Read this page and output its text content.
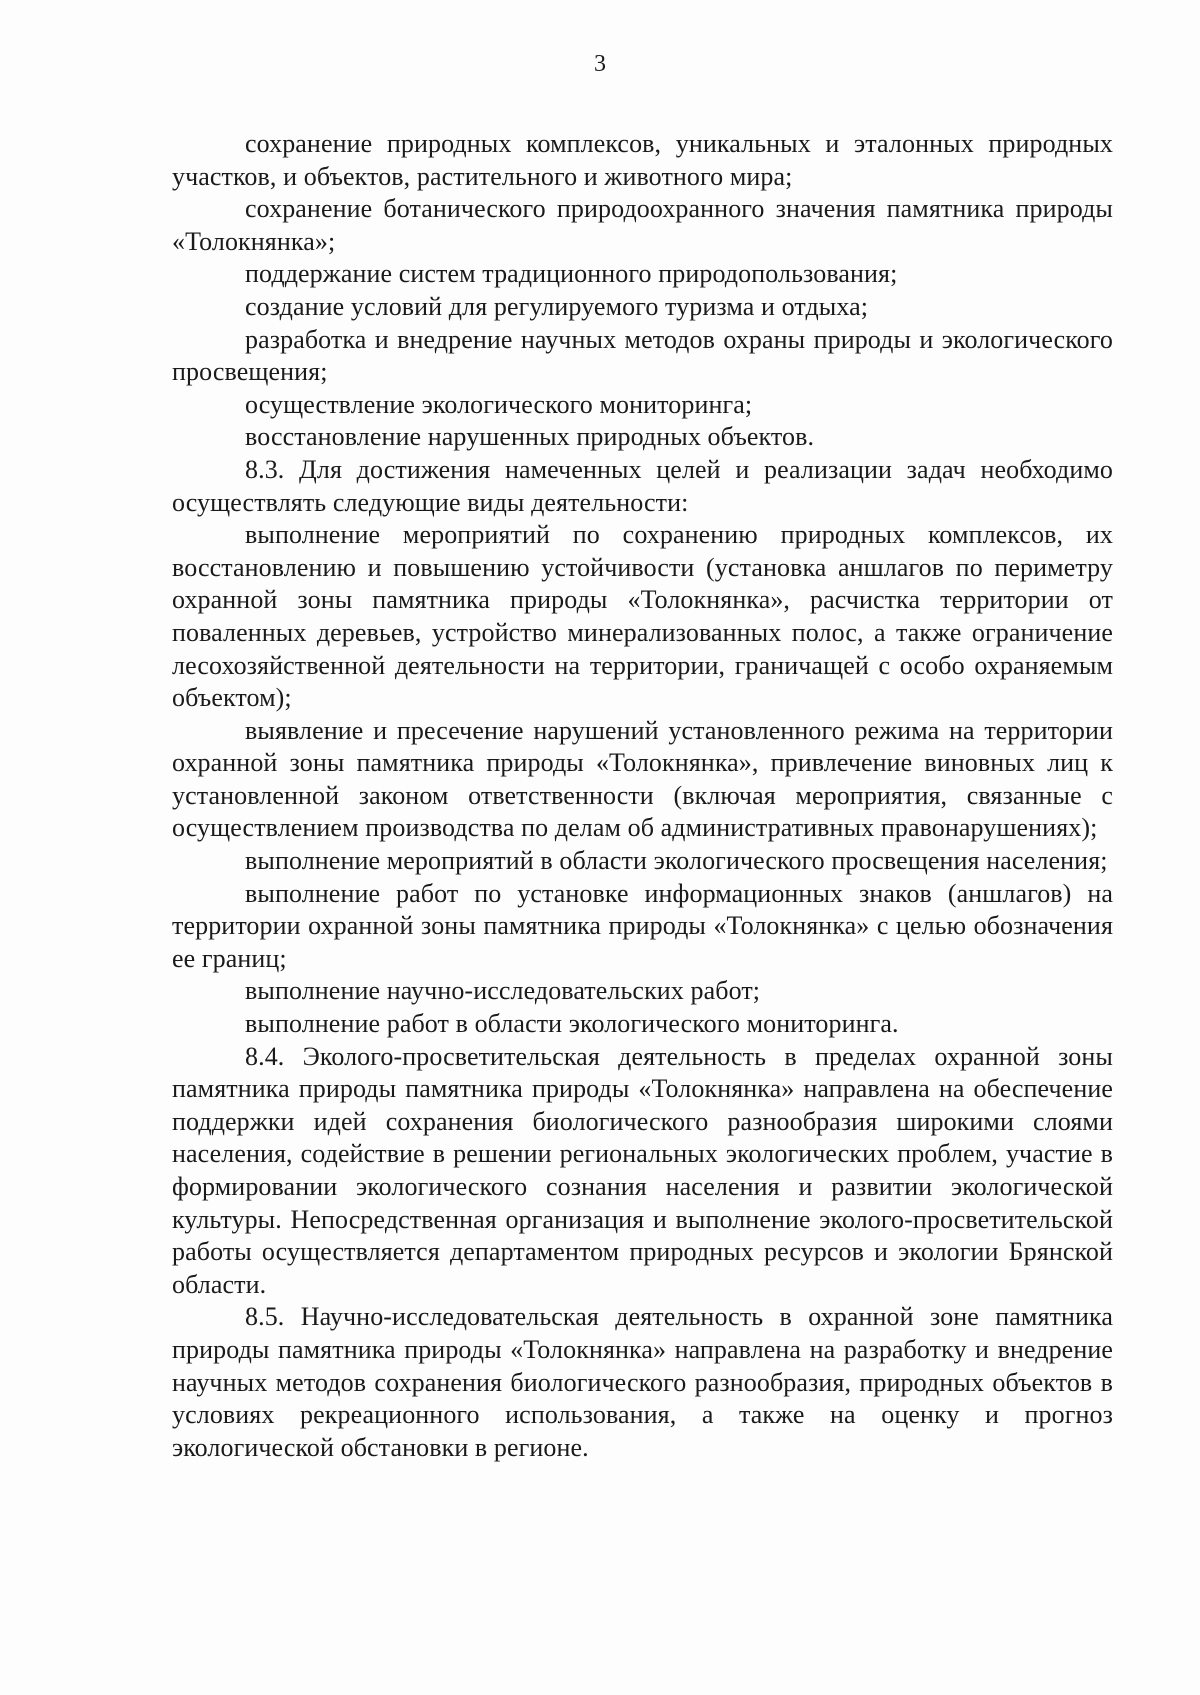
3

сохранение природных комплексов, уникальных и эталонных природных участков, и объектов, растительного и животного мира;

сохранение ботанического природоохранного значения памятника природы «Толокнянка»;

поддержание систем традиционного природопользования;

создание условий для регулируемого туризма и отдыха;

разработка и внедрение научных методов охраны природы и экологического просвещения;

осуществление экологического мониторинга;

восстановление нарушенных природных объектов.

8.3. Для достижения намеченных целей и реализации задач необходимо осуществлять следующие виды деятельности:

выполнение мероприятий по сохранению природных комплексов, их восстановлению и повышению устойчивости (установка аншлагов по периметру охранной зоны памятника природы «Толокнянка», расчистка территории от поваленных деревьев, устройство минерализованных полос, а также ограничение лесохозяйственной деятельности на территории, граничащей с особо охраняемым объектом);

выявление и пресечение нарушений установленного режима на территории охранной зоны памятника природы «Толокнянка», привлечение виновных лиц к установленной законом ответственности (включая мероприятия, связанные с осуществлением производства по делам об административных правонарушениях);

выполнение мероприятий в области экологического просвещения населения;

выполнение работ по установке информационных знаков (аншлагов) на территории охранной зоны памятника природы «Толокнянка» с целью обозначения ее границ;

выполнение научно-исследовательских работ;

выполнение работ в области экологического мониторинга.

8.4. Эколого-просветительская деятельность в пределах охранной зоны памятника природы памятника природы «Толокнянка» направлена на обеспечение поддержки идей сохранения биологического разнообразия широкими слоями населения, содействие в решении региональных экологических проблем, участие в формировании экологического сознания населения и развитии экологической культуры. Непосредственная организация и выполнение эколого-просветительской работы осуществляется департаментом природных ресурсов и экологии Брянской области.

8.5. Научно-исследовательская деятельность в охранной зоне памятника природы памятника природы «Толокнянка» направлена на разработку и внедрение научных методов сохранения биологического разнообразия, природных объектов в условиях рекреационного использования, а также на оценку и прогноз экологической обстановки в регионе.
